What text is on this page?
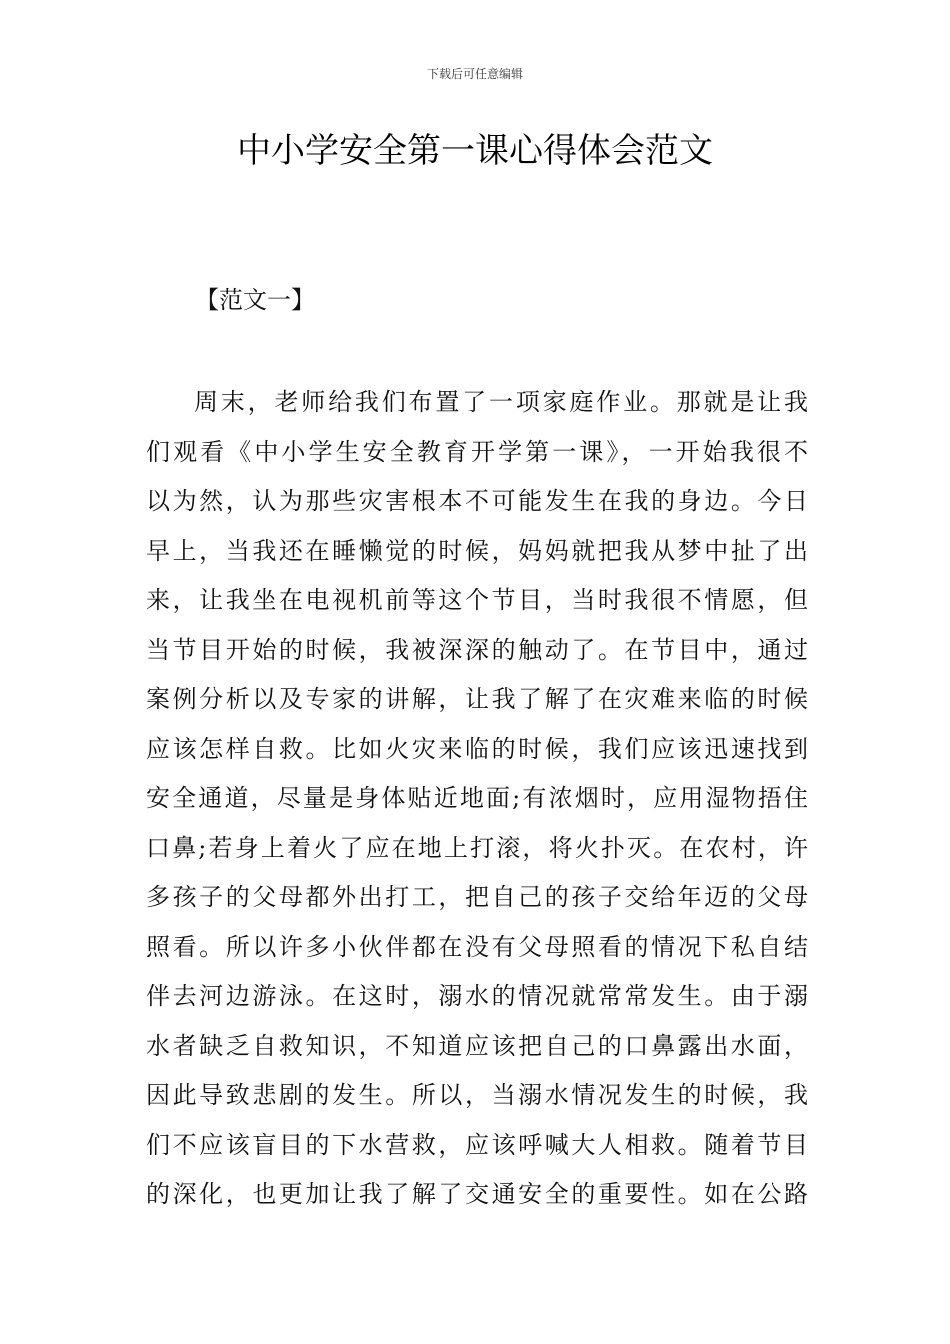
下载后可任意编辑
中小学安全第一课心得体会范文
【范文一】
周末，老师给我们布置了一项家庭作业。那就是让我
们观看《中小学生安全教育开学第一课》，一开始我很不
以为然，认为那些灾害根本不可能发生在我的身边。今日
早上，当我还在睡懒觉的时候，妈妈就把我从梦中扯了出
来，让我坐在电视机前等这个节目，当时我很不情愿，但
当节目开始的时候，我被深深的触动了。在节目中，通过
案例分析以及专家的讲解，让我了解了在灾难来临的时候
应该怎样自救。比如火灾来临的时候，我们应该迅速找到
安全通道，尽量是身体贴近地面;有浓烟时，应用湿物捂住
口鼻;若身上着火了应在地上打滚，将火扑灭。在农村，许
多孩子的父母都外出打工，把自己的孩子交给年迈的父母
照看。所以许多小伙伴都在没有父母照看的情况下私自结
伴去河边游泳。在这时，溺水的情况就常常发生。由于溺
水者缺乏自救知识，不知道应该把自己的口鼻露出水面，
因此导致悲剧的发生。所以，当溺水情况发生的时候，我
们不应该盲目的下水营救，应该呼喊大人相救。随着节目
的深化，也更加让我了解了交通安全的重要性。如在公路
